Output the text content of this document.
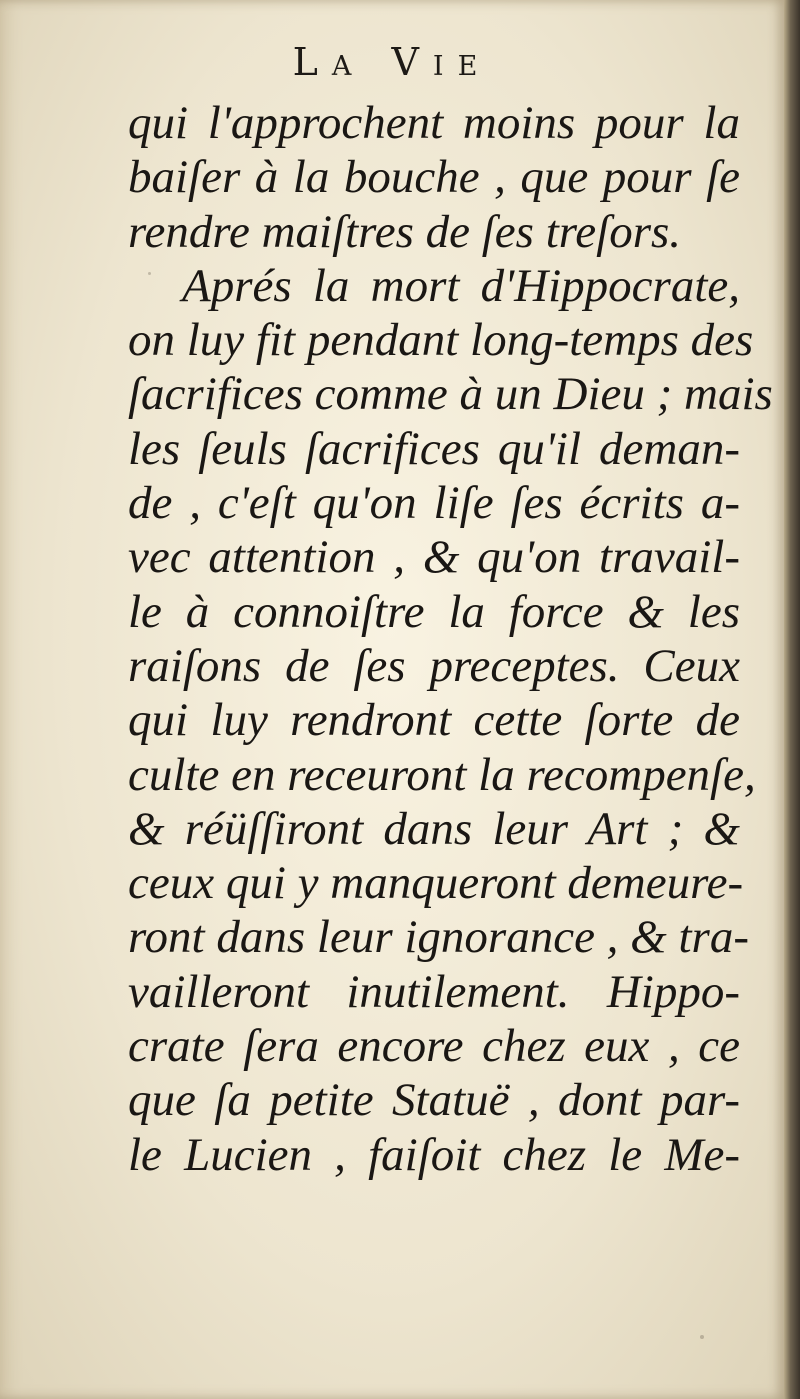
La Vie
qui l'approchent moins pour la
baiſer à la bouche , que pour ſe
rendre maiſtres de ſes treſors.
Aprés la mort d'Hippocrate,
on luy fit pendant long-temps des
ſacrifices comme à un Dieu ; mais
les ſeuls ſacrifices qu'il deman-
de , c'eſt qu'on liſe ſes écrits a-
vec attention , & qu'on travail-
le à connoiſtre la force & les
raiſons de ſes preceptes. Ceux
qui luy rendront cette ſorte de
culte en receuront la recompenſe,
& réüſſiront dans leur Art ; &
ceux qui y manqueront demeure-
ront dans leur ignorance , & tra-
vailleront inutilement. Hippo-
crate ſera encore chez eux , ce
que ſa petite Statuë , dont par-
le Lucien , faiſoit chez le Me-
